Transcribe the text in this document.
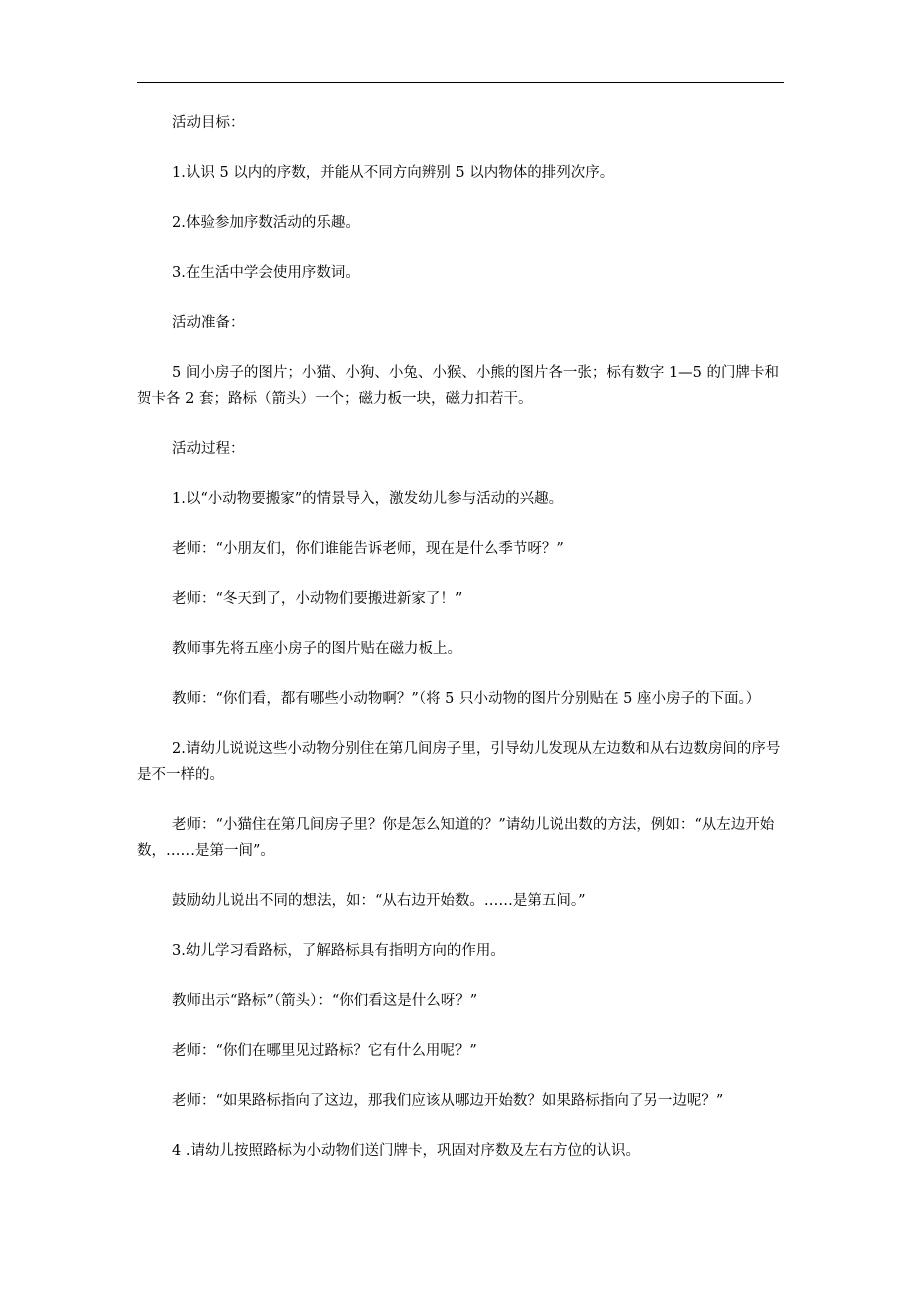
活动目标：

1.认识 5 以内的序数，并能从不同方向辨别 5 以内物体的排列次序。

2.体验参加序数活动的乐趣。

3.在生活中学会使用序数词。

活动准备：

5 间小房子的图片；小猫、小狗、小兔、小猴、小熊的图片各一张；标有数字 1—5 的门牌卡和贺卡各 2 套；路标（箭头）一个；磁力板一块，磁力扣若干。

活动过程：

1.以“小动物要搬家”的情景导入，激发幼儿参与活动的兴趣。

老师：“小朋友们，你们谁能告诉老师，现在是什么季节呀？”

老师：“冬天到了，小动物们要搬进新家了！”

教师事先将五座小房子的图片贴在磁力板上。

教师：“你们看，都有哪些小动物啊？”（将 5 只小动物的图片分别贴在 5 座小房子的下面。）

2.请幼儿说说这些小动物分别住在第几间房子里，引导幼儿发现从左边数和从右边数房间的序号是不一样的。

老师：“小猫住在第几间房子里？你是怎么知道的？”请幼儿说出数的方法，例如：“从左边开始数，……是第一间”。

鼓励幼儿说出不同的想法，如：“从右边开始数。……是第五间。”

3.幼儿学习看路标，了解路标具有指明方向的作用。

教师出示“路标”（箭头）：“你们看这是什么呀？”

老师：“你们在哪里见过路标？它有什么用呢？”

老师：“如果路标指向了这边，那我们应该从哪边开始数？如果路标指向了另一边呢？”

4 .请幼儿按照路标为小动物们送门牌卡，巩固对序数及左右方位的认识。
